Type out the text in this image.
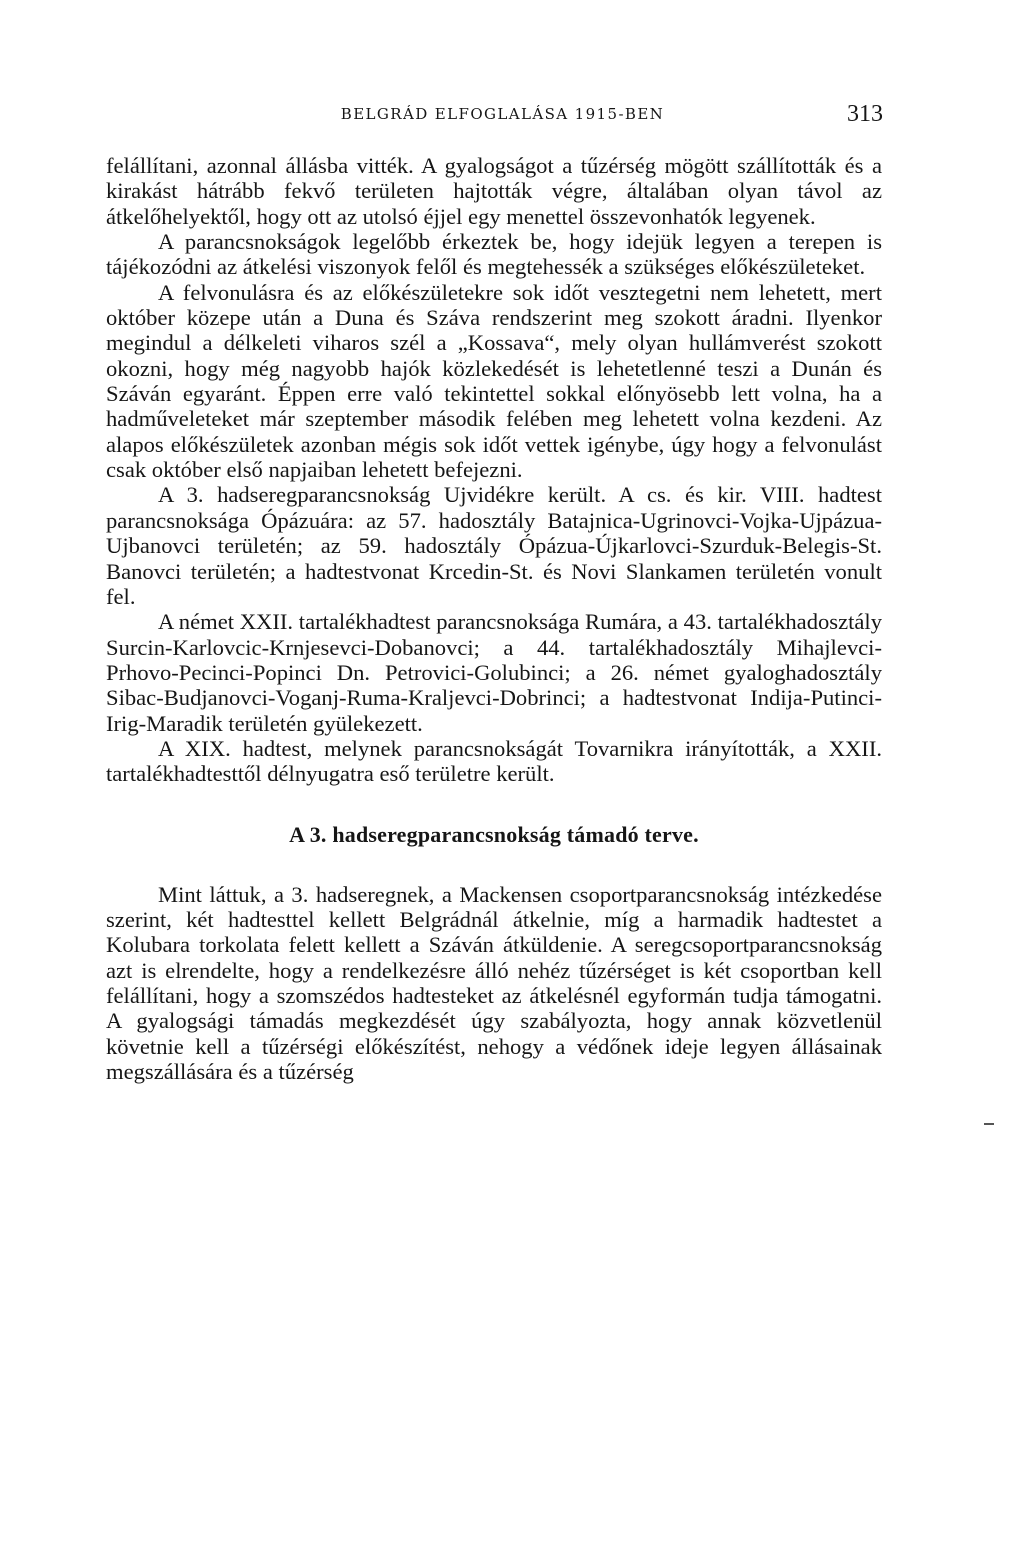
BELGRÁD ELFOGLALÁSA 1915-BEN	313

felállítani, azonnal állásba vitték. A gyalogságot a tűzérség mögött szállították és a kirakást hátrább fekvő területen hajtották végre, általában olyan távol az átkelőhelyektől, hogy ott az utolsó éjjel egy menettel összevonhatók legyenek.

A parancsnokságok legelőbb érkeztek be, hogy idejük legyen a terepen is tájékozódni az átkelési viszonyok felől és megtehessék a szükséges előkészületeket.

A felvonulásra és az előkészületekre sok időt vesztegetni nem lehetett, mert október közepe után a Duna és Száva rendszerint meg szokott áradni. Ilyenkor megindul a délkeleti viharos szél a „Kossava“, mely olyan hullámverést szokott okozni, hogy még nagyobb hajók közlekedését is lehetetlenné teszi a Dunán és Száván egyaránt. Éppen erre való tekintettel sokkal előnyösebb lett volna, ha a hadműveleteket már szeptember második felében meg lehetett volna kezdeni. Az alapos előkészületek azonban mégis sok időt vettek igénybe, úgy hogy a felvonulást csak október első napjaiban lehetett befejezni.

A 3. hadseregparancsnokság Ujvidékre került. A cs. és kir. VIII. hadtest parancsnoksága Ópázuára: az 57. hadosztály Batajnica-Ugrinovci-Vojka-Ujpázua-Ujbanovci területén; az 59. hadosztály Ópázua-Újkarlovci-Szurduk-Belegis-St. Banovci területén; a hadtestvonat Krcedin-St. és Novi Slankamen területén vonult fel.

A német XXII. tartalékhadtest parancsnoksága Rumára, a 43. tartalékhadosztály Surcin-Karlovcic-Krnjesevci-Dobanovci; a 44. tartalékhadosztály Mihajlevci-Prhovo-Pecinci-Popinci Dn. Petrovici-Golubinci; a 26. német gyaloghadosztály Sibac-Budjanovci-Voganj-Ruma-Kraljevci-Dobrinci; a hadtestvonat Indija-Putinci-Irig-Maradik területén gyülekezett.

A XIX. hadtest, melynek parancsnokságát Tovarnikra irányították, a XXII. tartalékhadtesttől délnyugatra eső területre került.

A 3. hadseregparancsnokság támadó terve.

Mint láttuk, a 3. hadseregnek, a Mackensen csoportparancsnokság intézkedése szerint, két hadtesttel kellett Belgrádnál átkelnie, míg a harmadik hadtestet a Kolubara torkolata felett kellett a Száván átküldenie. A seregcsoportparancsnokság azt is elrendelte, hogy a rendelkezésre álló nehéz tűzérséget is két csoportban kell felállítani, hogy a szomszédos hadtesteket az átkelésnél egyformán tudja támogatni. A gyalogsági támadás megkezdését úgy szabályozta, hogy annak közvetlenül követnie kell a tűzérségi előkészítést, nehogy a védőnek ideje legyen állásainak megszállására és a tűzérség
